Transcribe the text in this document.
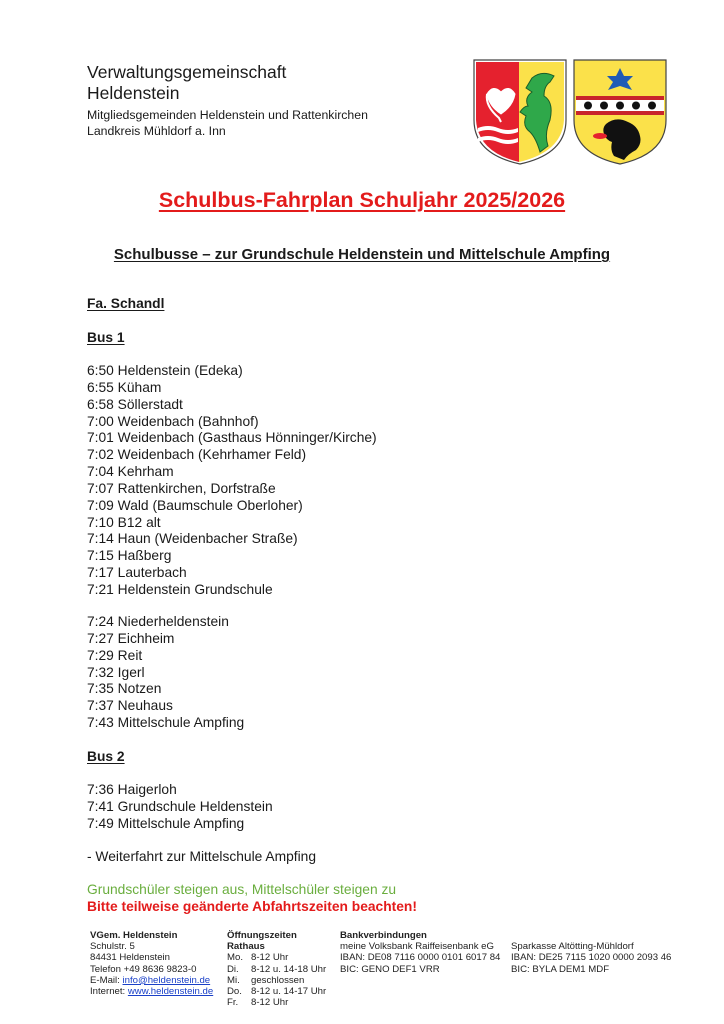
Verwaltungsgemeinschaft
Heldenstein
Mitgliedsgemeinden Heldenstein und Rattenkirchen
Landkreis Mühldorf a. Inn
Schulbus-Fahrplan Schuljahr 2025/2026
Schulbusse – zur Grundschule Heldenstein und Mittelschule Ampfing
Fa. Schandl
Bus 1
6:50 Heldenstein (Edeka)
6:55 Küham
6:58 Söllerstadt
7:00 Weidenbach (Bahnhof)
7:01 Weidenbach (Gasthaus Hönninger/Kirche)
7:02 Weidenbach (Kehrhamer Feld)
7:04 Kehrham
7:07 Rattenkirchen, Dorfstraße
7:09 Wald (Baumschule Oberloher)
7:10 B12 alt
7:14 Haun (Weidenbacher Straße)
7:15 Haßberg
7:17 Lauterbach
7:21 Heldenstein Grundschule
7:24 Niederheldenstein
7:27 Eichheim
7:29 Reit
7:32 Igerl
7:35 Notzen
7:37 Neuhaus
7:43 Mittelschule Ampfing
Bus 2
7:36 Haigerloh
7:41 Grundschule Heldenstein
7:49 Mittelschule Ampfing
- Weiterfahrt zur Mittelschule Ampfing
Grundschüler steigen aus, Mittelschüler steigen zu
Bitte teilweise geänderte Abfahrtszeiten beachten!
VGem. Heldenstein
Schulstr. 5
84431 Heldenstein
Telefon +49 8636 9823-0
E-Mail: info@heldenstein.de
Internet: www.heldenstein.de
Öffnungszeiten
Rathaus
Mo. 8-12 Uhr
Di. 8-12 u. 14-18 Uhr
Mi. geschlossen
Do. 8-12 u. 14-17 Uhr
Fr. 8-12 Uhr
Bankverbindungen
meine Volksbank Raiffeisenbank eG
IBAN: DE08 7116 0000 0101 6017 84
BIC: GENO DEF1 VRR
Sparkasse Altötting-Mühldorf
IBAN: DE25 7115 1020 0000 2093 46
BIC: BYLA DEM1 MDF
